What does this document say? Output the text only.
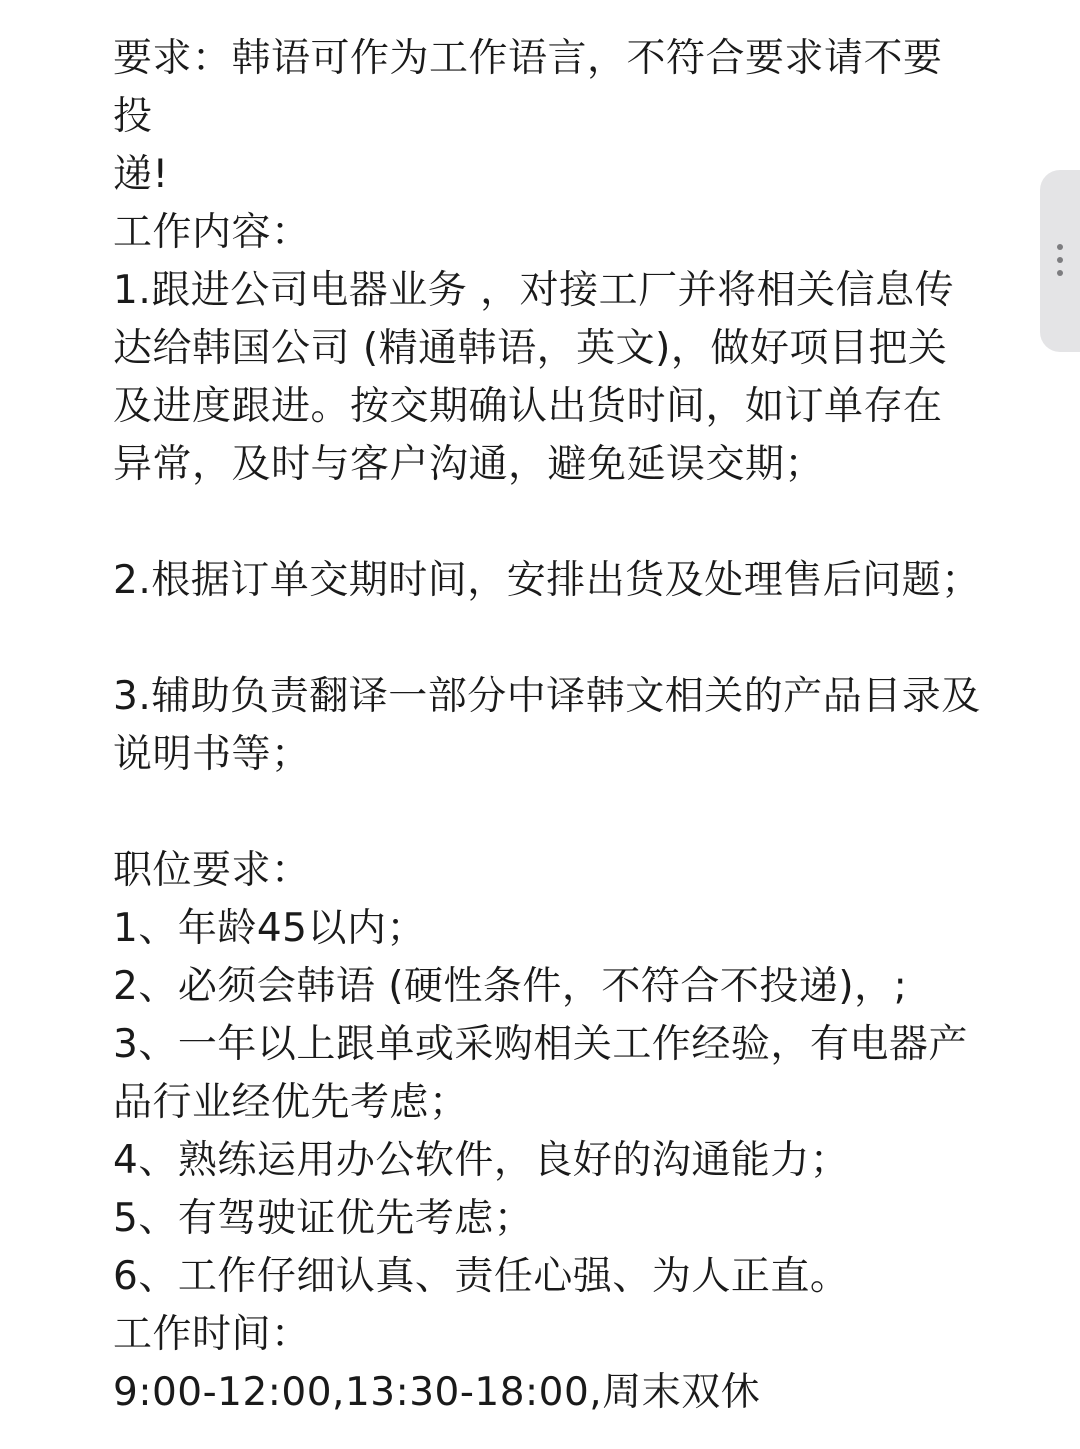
要求：韩语可作为工作语言，不符合要求请不要
投
递!
工作内容：
1.跟进公司电器业务 ，对接工厂并将相关信息传
达给韩国公司 (精通韩语，英文)，做好项目把关
及进度跟进。按交期确认出货时间，如订单存在
异常，及时与客户沟通，避免延误交期；
2.根据订单交期时间，安排出货及处理售后问题；
3.辅助负责翻译一部分中译韩文相关的产品目录及
说明书等；
职位要求：
1、年龄45以内；
2、必须会韩语 (硬性条件，不符合不投递)，;
3、一年以上跟单或采购相关工作经验，有电器产
品行业经优先考虑；
4、熟练运用办公软件，良好的沟通能力；
5、有驾驶证优先考虑；
6、工作仔细认真、责任心强、为人正直。
工作时间：
9:00-12:00,13:30-18:00,周末双休
